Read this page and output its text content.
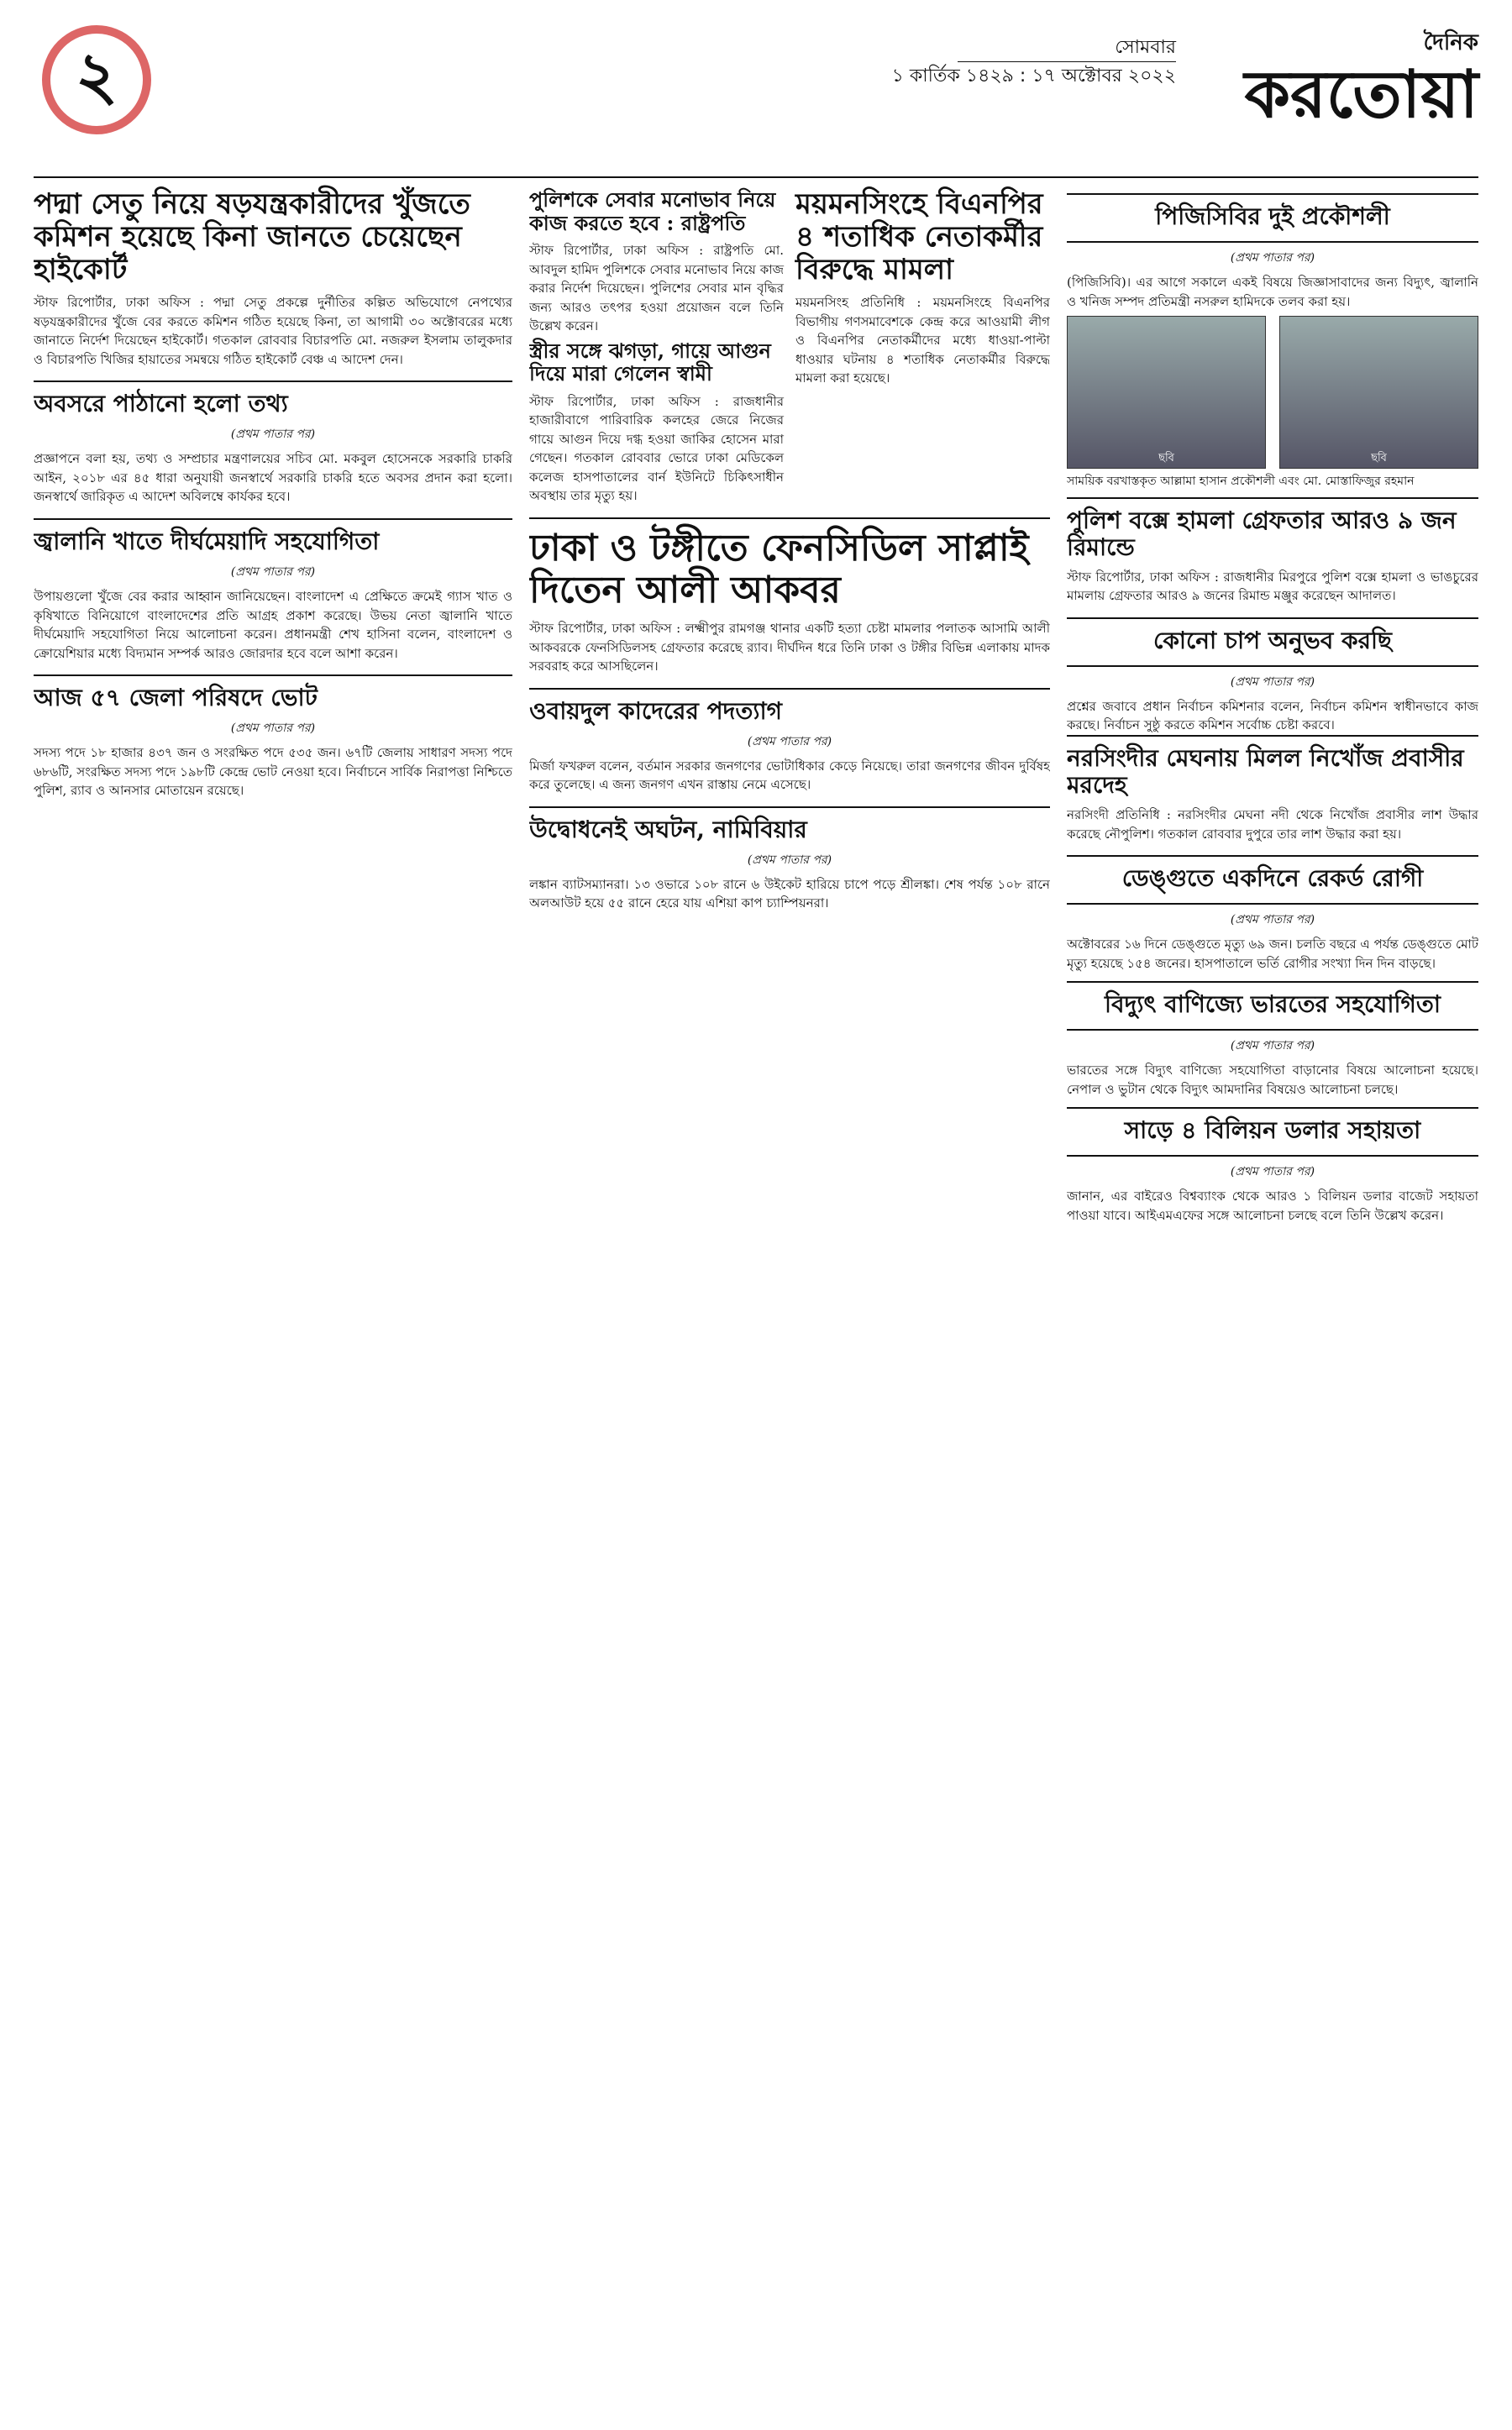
২	সোমবার
১ কার্তিক ১৪২৯ : ১৭ অক্টোবর ২০২২
দৈনিক
করতোয়া
পদ্মা সেতু নিয়ে ষড়যন্ত্রকারীদের খুঁজতে কমিশন হয়েছে কিনা জানতে চেয়েছেন হাইকোর্ট

স্টাফ রিপোর্টার, ঢাকা অফিস : পদ্মা সেতু প্রকল্পে দুর্নীতির কল্পিত অভিযোগে নেপথ্যের ষড়যন্ত্রকারীদের খুঁজে বের করতে কমিশন গঠিত হয়েছে কিনা, তা আগামী ৩০ অক্টোবরের মধ্যে জানাতে নির্দেশ দিয়েছেন হাইকোর্ট। গতকাল রোববার বিচারপতি মো. নজরুল ইসলাম তালুকদার ও বিচারপতি খিজির হায়াতের সমন্বয়ে গঠিত হাইকোর্ট বেঞ্চ এ আদেশ দেন।

অবসরে পাঠানো হলো তথ্য
(প্রথম পাতার পর)

প্রজ্ঞাপনে বলা হয়, তথ্য ও সম্প্রচার মন্ত্রণালয়ের সচিব মো. মকবুল হোসেনকে সরকারি চাকরি আইন, ২০১৮ এর ৪৫ ধারা অনুযায়ী জনস্বার্থে সরকারি চাকরি হতে অবসর প্রদান করা হলো। জনস্বার্থে জারিকৃত এ আদেশ অবিলম্বে কার্যকর হবে।

জ্বালানি খাতে দীর্ঘমেয়াদি সহযোগিতা
(প্রথম পাতার পর)

উপায়গুলো খুঁজে বের করার আহ্বান জানিয়েছেন। বাংলাদেশ এ প্রেক্ষিতে ক্রমেই গ্যাস খাত ও কৃষিখাতে বিনিয়োগে বাংলাদেশের প্রতি আগ্রহ প্রকাশ করেছে। উভয় নেতা জ্বালানি খাতে দীর্ঘমেয়াদি সহযোগিতা নিয়ে আলোচনা করেন। প্রধানমন্ত্রী শেখ হাসিনা বলেন, বাংলাদেশ ও ক্রোয়েশিয়ার মধ্যে বিদ্যমান সম্পর্ক আরও জোরদার হবে বলে আশা করেন।

আজ ৫৭ জেলা পরিষদে ভোট
(প্রথম পাতার পর)

সদস্য পদে ১৮ হাজার ৪৩৭ জন ও সংরক্ষিত পদে ৫৩৫ জন। ৬৭টি জেলায় সাধারণ সদস্য পদে ৬৮৬টি, সংরক্ষিত সদস্য পদে ১৯৮টি কেন্দ্রে ভোট নেওয়া হবে। নির্বাচনে সার্বিক নিরাপত্তা নিশ্চিতে পুলিশ, র‍্যাব ও আনসার মোতায়েন রয়েছে।

পুলিশকে সেবার মনোভাব নিয়ে কাজ করতে হবে : রাষ্ট্রপতি

স্টাফ রিপোর্টার, ঢাকা অফিস : রাষ্ট্রপতি মো. আবদুল হামিদ পুলিশকে সেবার মনোভাব নিয়ে কাজ করার নির্দেশ দিয়েছেন। পুলিশের সেবার মান বৃদ্ধির জন্য আরও তৎপর হওয়া প্রয়োজন বলে তিনি উল্লেখ করেন।

স্ত্রীর সঙ্গে ঝগড়া, গায়ে আগুন দিয়ে মারা গেলেন স্বামী

স্টাফ রিপোর্টার, ঢাকা অফিস : রাজধানীর হাজারীবাগে পারিবারিক কলহের জেরে নিজের গায়ে আগুন দিয়ে দগ্ধ হওয়া জাকির হোসেন মারা গেছেন। গতকাল রোববার ভোরে ঢাকা মেডিকেল কলেজ হাসপাতালের বার্ন ইউনিটে চিকিৎসাধীন অবস্থায় তার মৃত্যু হয়।

ময়মনসিংহে বিএনপির ৪ শতাধিক নেতাকর্মীর বিরুদ্ধে মামলা

ময়মনসিংহ প্রতিনিধি : ময়মনসিংহে বিএনপির বিভাগীয় গণসমাবেশকে কেন্দ্র করে আওয়ামী লীগ ও বিএনপির নেতাকর্মীদের মধ্যে ধাওয়া-পাল্টা ধাওয়ার ঘটনায় ৪ শতাধিক নেতাকর্মীর বিরুদ্ধে মামলা করা হয়েছে।

ঢাকা ও টঙ্গীতে ফেনসিডিল সাপ্লাই দিতেন আলী আকবর

স্টাফ রিপোর্টার, ঢাকা অফিস : লক্ষ্মীপুর রামগঞ্জ থানার একটি হত্যা চেষ্টা মামলার পলাতক আসামি আলী আকবরকে ফেনসিডিলসহ গ্রেফতার করেছে র‍্যাব। দীর্ঘদিন ধরে তিনি ঢাকা ও টঙ্গীর বিভিন্ন এলাকায় মাদক সরবরাহ করে আসছিলেন।

ওবায়দুল কাদেরের পদত্যাগ
(প্রথম পাতার পর)

মির্জা ফখরুল বলেন, বর্তমান সরকার জনগণের ভোটাধিকার কেড়ে নিয়েছে। তারা জনগণের জীবন দুর্বিষহ করে তুলেছে। এ জন্য জনগণ এখন রাস্তায় নেমে এসেছে।

উদ্বোধনেই অঘটন, নামিবিয়ার
(প্রথম পাতার পর)

লঙ্কান ব্যাটসম্যানরা। ১৩ ওভারে ১০৮ রানে ৬ উইকেট হারিয়ে চাপে পড়ে শ্রীলঙ্কা। শেষ পর্যন্ত ১০৮ রানে অলআউট হয়ে ৫৫ রানে হেরে যায় এশিয়া কাপ চ্যাম্পিয়নরা।

পিজিসিবির দুই প্রকৌশলী
(প্রথম পাতার পর)

(পিজিসিবি)। এর আগে সকালে একই বিষয়ে জিজ্ঞাসাবাদের জন্য বিদ্যুৎ, জ্বালানি ও খনিজ সম্পদ প্রতিমন্ত্রী নসরুল হামিদকে তলব করা হয়।

ছবি	ছবি
সাময়িক বরখাস্তকৃত আল্লামা হাসান প্রকৌশলী এবং মো. মোস্তাফিজুর রহমান
পুলিশ বক্সে হামলা গ্রেফতার আরও ৯ জন রিমান্ডে

স্টাফ রিপোর্টার, ঢাকা অফিস : রাজধানীর মিরপুরে পুলিশ বক্সে হামলা ও ভাঙচুরের মামলায় গ্রেফতার আরও ৯ জনের রিমান্ড মঞ্জুর করেছেন আদালত।

কোনো চাপ অনুভব করছি
(প্রথম পাতার পর)

প্রশ্নের জবাবে প্রধান নির্বাচন কমিশনার বলেন, নির্বাচন কমিশন স্বাধীনভাবে কাজ করছে। নির্বাচন সুষ্ঠু করতে কমিশন সর্বোচ্চ চেষ্টা করবে।

নরসিংদীর মেঘনায় মিলল নিখোঁজ প্রবাসীর মরদেহ

নরসিংদী প্রতিনিধি : নরসিংদীর মেঘনা নদী থেকে নিখোঁজ প্রবাসীর লাশ উদ্ধার করেছে নৌপুলিশ। গতকাল রোববার দুপুরে তার লাশ উদ্ধার করা হয়।

ডেঙ্গুতে একদিনে রেকর্ড রোগী
(প্রথম পাতার পর)

অক্টোবরের ১৬ দিনে ডেঙ্গুতে মৃত্যু ৬৯ জন। চলতি বছরে এ পর্যন্ত ডেঙ্গুতে মোট মৃত্যু হয়েছে ১৫৪ জনের। হাসপাতালে ভর্তি রোগীর সংখ্যা দিন দিন বাড়ছে।

বিদ্যুৎ বাণিজ্যে ভারতের সহযোগিতা
(প্রথম পাতার পর)

ভারতের সঙ্গে বিদ্যুৎ বাণিজ্যে সহযোগিতা বাড়ানোর বিষয়ে আলোচনা হয়েছে। নেপাল ও ভুটান থেকে বিদ্যুৎ আমদানির বিষয়েও আলোচনা চলছে।

সাড়ে ৪ বিলিয়ন ডলার সহায়তা
(প্রথম পাতার পর)

জানান, এর বাইরেও বিশ্বব্যাংক থেকে আরও ১ বিলিয়ন ডলার বাজেট সহায়তা পাওয়া যাবে। আইএমএফের সঙ্গে আলোচনা চলছে বলে তিনি উল্লেখ করেন।
